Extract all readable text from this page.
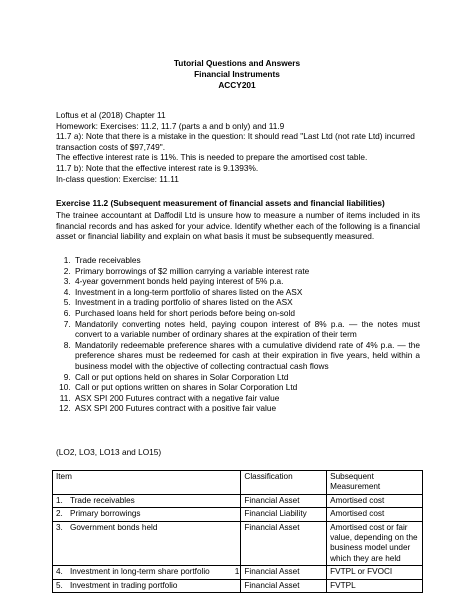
Tutorial Questions and Answers
Financial Instruments
ACCY201

Loftus et al (2018) Chapter 11

Homework: Exercises: 11.2, 11.7 (parts a and b only) and 11.9

11.7 a): Note that there is a mistake in the question: It should read "Last Ltd (not rate Ltd) incurred transaction costs of $97,749".

The effective interest rate is 11%. This is needed to prepare the amortised cost table.

11.7 b): Note that the effective interest rate is 9.1393%.

In-class question: Exercise: 11.11

Exercise 11.2 (Subsequent measurement of financial assets and financial liabilities)
The trainee accountant at Daffodil Ltd is unsure how to measure a number of items included in its financial records and has asked for your advice. Identify whether each of the following is a financial asset or financial liability and explain on what basis it must be subsequently measured.
1. Trade receivables
2. Primary borrowings of $2 million carrying a variable interest rate
3. 4-year government bonds held paying interest of 5% p.a.
4. Investment in a long-term portfolio of shares listed on the ASX
5. Investment in a trading portfolio of shares listed on the ASX
6. Purchased loans held for short periods before being on-sold
7. Mandatorily converting notes held, paying coupon interest of 8% p.a. — the notes must convert to a variable number of ordinary shares at the expiration of their term
8. Mandatorily redeemable preference shares with a cumulative dividend rate of 4% p.a. — the preference shares must be redeemed for cash at their expiration in five years, held within a business model with the objective of collecting contractual cash flows
9. Call or put options held on shares in Solar Corporation Ltd
10. Call or put options written on shares in Solar Corporation Ltd
11. ASX SPI 200 Futures contract with a negative fair value
12. ASX SPI 200 Futures contract with a positive fair value
(LO2, LO3, LO13 and LO15)
Item	Classification	Subsequent Measurement
1. Trade receivables	Financial Asset	Amortised cost
2. Primary borrowings	Financial Liability	Amortised cost
3. Government bonds held	Financial Asset	Amortised cost or fair value, depending on the business model under which they are held
4. Investment in long-term share portfolio	Financial Asset	FVTPL or FVOCI
5. Investment in trading portfolio	Financial Asset	FVTPL
1
